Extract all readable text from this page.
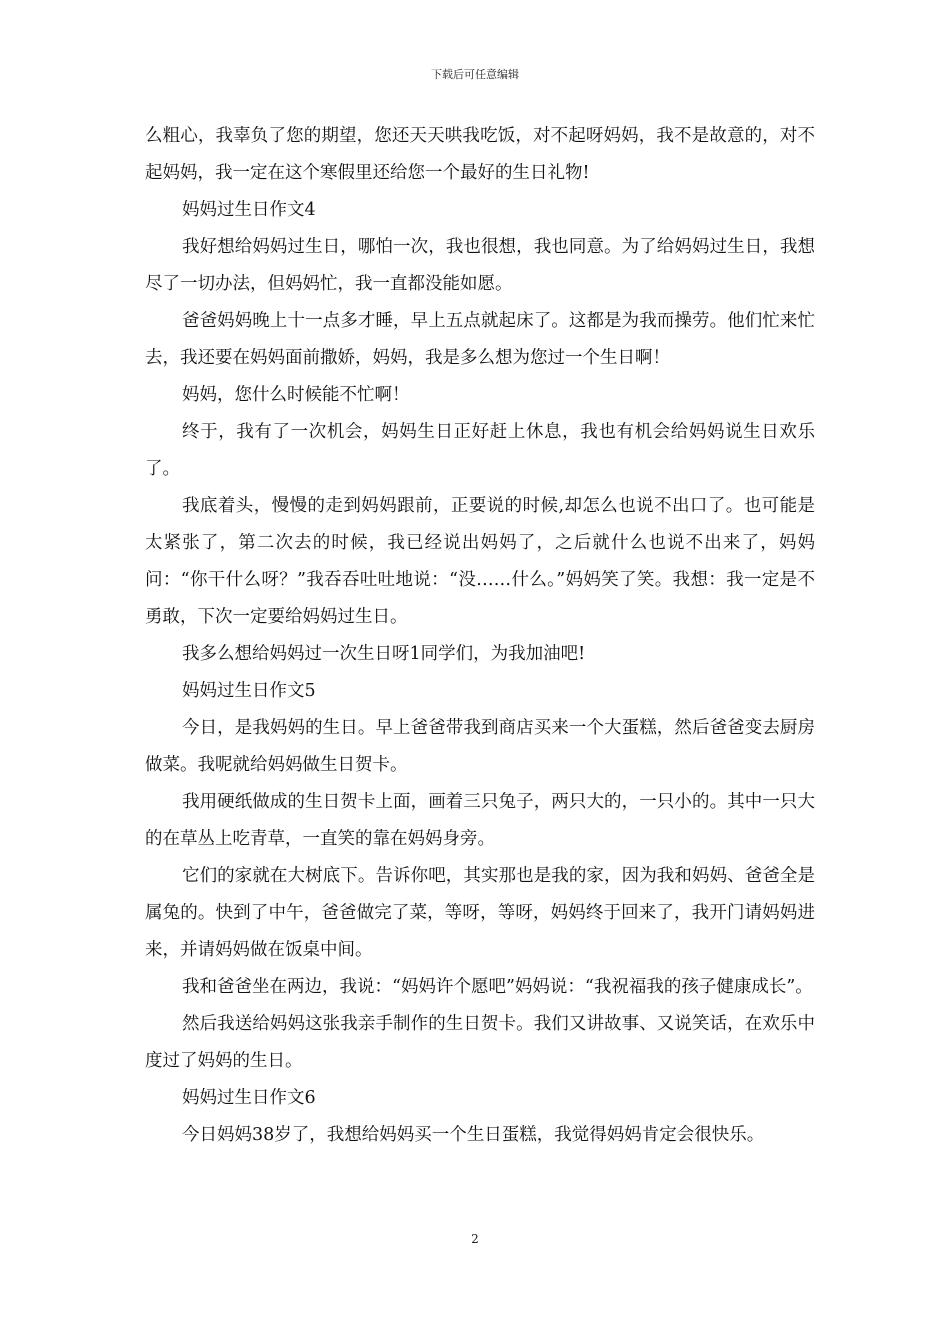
下载后可任意编辑

么粗心，我辜负了您的期望，您还天天哄我吃饭，对不起呀妈妈，我不是故意的，对不起妈妈，我一定在这个寒假里还给您一个最好的生日礼物!

妈妈过生日作文4

我好想给妈妈过生日，哪怕一次，我也很想，我也同意。为了给妈妈过生日，我想尽了一切办法，但妈妈忙，我一直都没能如愿。

爸爸妈妈晚上十一点多才睡，早上五点就起床了。这都是为我而操劳。他们忙来忙去，我还要在妈妈面前撒娇，妈妈，我是多么想为您过一个生日啊！

妈妈，您什么时候能不忙啊！

终于，我有了一次机会，妈妈生日正好赶上休息，我也有机会给妈妈说生日欢乐了。

我底着头，慢慢的走到妈妈跟前，正要说的时候,却怎么也说不出口了。也可能是太紧张了，第二次去的时候，我已经说出妈妈了，之后就什么也说不出来了，妈妈问：“你干什么呀？”我吞吞吐吐地说：“没……什么。”妈妈笑了笑。我想：我一定是不勇敢，下次一定要给妈妈过生日。

我多么想给妈妈过一次生日呀1同学们，为我加油吧!

妈妈过生日作文5

今日，是我妈妈的生日。早上爸爸带我到商店买来一个大蛋糕，然后爸爸变去厨房做菜。我呢就给妈妈做生日贺卡。

我用硬纸做成的生日贺卡上面，画着三只兔子，两只大的，一只小的。其中一只大的在草丛上吃青草，一直笑的靠在妈妈身旁。

它们的家就在大树底下。告诉你吧，其实那也是我的家，因为我和妈妈、爸爸全是属兔的。快到了中午，爸爸做完了菜，等呀，等呀，妈妈终于回来了，我开门请妈妈进来，并请妈妈做在饭桌中间。

我和爸爸坐在两边，我说：“妈妈许个愿吧”妈妈说：“我祝福我的孩子健康成长”。

然后我送给妈妈这张我亲手制作的生日贺卡。我们又讲故事、又说笑话，在欢乐中度过了妈妈的生日。

妈妈过生日作文6

今日妈妈38岁了，我想给妈妈买一个生日蛋糕，我觉得妈妈肯定会很快乐。

2
